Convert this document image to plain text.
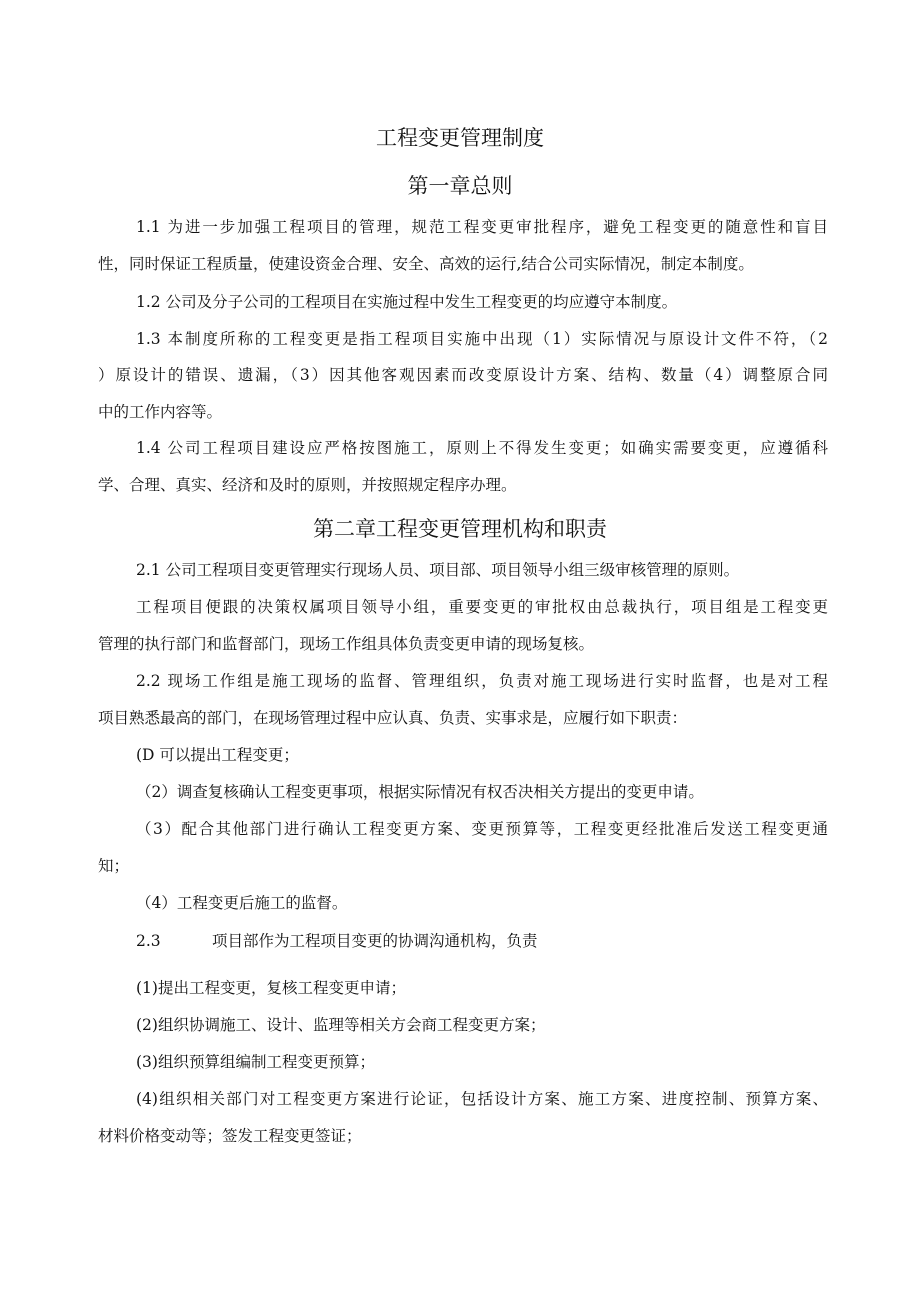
工程变更管理制度
第一章总则
1.1 为进一步加强工程项目的管理，规范工程变更审批程序，避免工程变更的随意性和盲目
性，同时保证工程质量，使建设资金合理、安全、高效的运行,结合公司实际情况，制定本制度。
1.2 公司及分子公司的工程项目在实施过程中发生工程变更的均应遵守本制度。
1.3 本制度所称的工程变更是指工程项目实施中出现（1）实际情况与原设计文件不符，（2
）原设计的错误、遗漏，（3）因其他客观因素而改变原设计方案、结构、数量（4）调整原合同
中的工作内容等。
1.4 公司工程项目建设应严格按图施工，原则上不得发生变更；如确实需要变更，应遵循科
学、合理、真实、经济和及时的原则，并按照规定程序办理。
第二章工程变更管理机构和职责
2.1 公司工程项目变更管理实行现场人员、项目部、项目领导小组三级审核管理的原则。
工程项目便跟的决策权属项目领导小组，重要变更的审批权由总裁执行，项目组是工程变更
管理的执行部门和监督部门，现场工作组具体负责变更申请的现场复核。
2.2 现场工作组是施工现场的监督、管理组织，负责对施工现场进行实时监督，也是对工程
项目熟悉最高的部门，在现场管理过程中应认真、负责、实事求是，应履行如下职责：
(D 可以提出工程变更；
（2）调查复核确认工程变更事项，根据实际情况有权否决相关方提出的变更申请。
（3）配合其他部门进行确认工程变更方案、变更预算等，工程变更经批准后发送工程变更通
知；
（4）工程变更后施工的监督。
2.3	项目部作为工程项目变更的协调沟通机构，负责
(1)提出工程变更，复核工程变更申请；
(2)组织协调施工、设计、监理等相关方会商工程变更方案；
(3)组织预算组编制工程变更预算；
(4)组织相关部门对工程变更方案进行论证，包括设计方案、施工方案、进度控制、预算方案、
材料价格变动等；签发工程变更签证；
